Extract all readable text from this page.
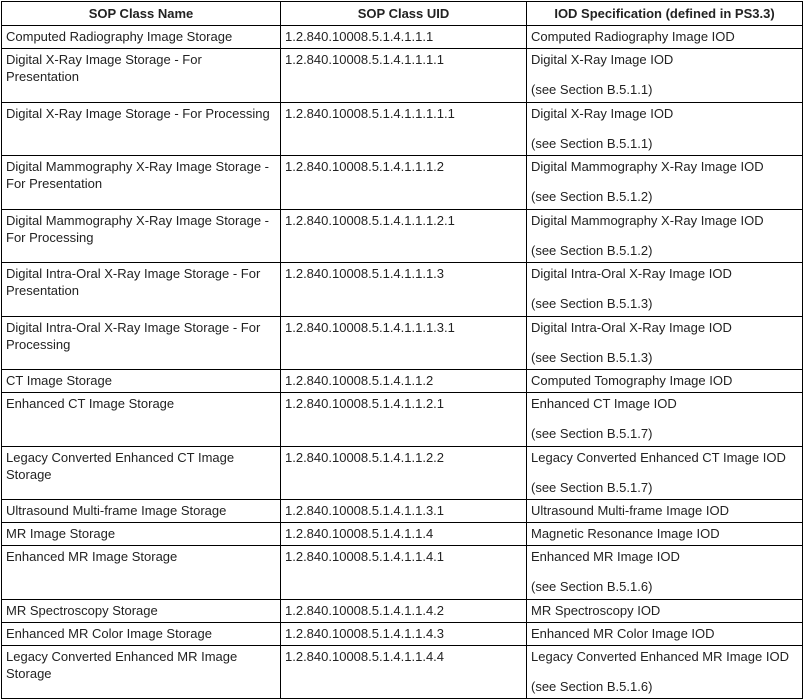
SOP Class Name	SOP Class UID	IOD Specification (defined in PS3.3)
Computed Radiography Image Storage	1.2.840.10008.5.1.4.1.1.1	Computed Radiography Image IOD
Digital X-Ray Image Storage - For Presentation	1.2.840.10008.5.1.4.1.1.1.1	Digital X-Ray Image IOD
(see Section B.5.1.1)

Digital X-Ray Image Storage - For Processing	1.2.840.10008.5.1.4.1.1.1.1.1	Digital X-Ray Image IOD
(see Section B.5.1.1)

Digital Mammography X-Ray Image Storage - For Presentation	1.2.840.10008.5.1.4.1.1.1.2	Digital Mammography X-Ray Image IOD
(see Section B.5.1.2)

Digital Mammography X-Ray Image Storage - For Processing	1.2.840.10008.5.1.4.1.1.1.2.1	Digital Mammography X-Ray Image IOD
(see Section B.5.1.2)

Digital Intra-Oral X-Ray Image Storage - For Presentation	1.2.840.10008.5.1.4.1.1.1.3	Digital Intra-Oral X-Ray Image IOD
(see Section B.5.1.3)

Digital Intra-Oral X-Ray Image Storage - For Processing	1.2.840.10008.5.1.4.1.1.1.3.1	Digital Intra-Oral X-Ray Image IOD
(see Section B.5.1.3)

CT Image Storage	1.2.840.10008.5.1.4.1.1.2	Computed Tomography Image IOD
Enhanced CT Image Storage	1.2.840.10008.5.1.4.1.1.2.1	Enhanced CT Image IOD
(see Section B.5.1.7)

Legacy Converted Enhanced CT Image Storage	1.2.840.10008.5.1.4.1.1.2.2	Legacy Converted Enhanced CT Image IOD
(see Section B.5.1.7)

Ultrasound Multi-frame Image Storage	1.2.840.10008.5.1.4.1.1.3.1	Ultrasound Multi-frame Image IOD
MR Image Storage	1.2.840.10008.5.1.4.1.1.4	Magnetic Resonance Image IOD
Enhanced MR Image Storage	1.2.840.10008.5.1.4.1.1.4.1	Enhanced MR Image IOD
(see Section B.5.1.6)

MR Spectroscopy Storage	1.2.840.10008.5.1.4.1.1.4.2	MR Spectroscopy IOD
Enhanced MR Color Image Storage	1.2.840.10008.5.1.4.1.1.4.3	Enhanced MR Color Image IOD
Legacy Converted Enhanced MR Image Storage	1.2.840.10008.5.1.4.1.1.4.4	Legacy Converted Enhanced MR Image IOD
(see Section B.5.1.6)
